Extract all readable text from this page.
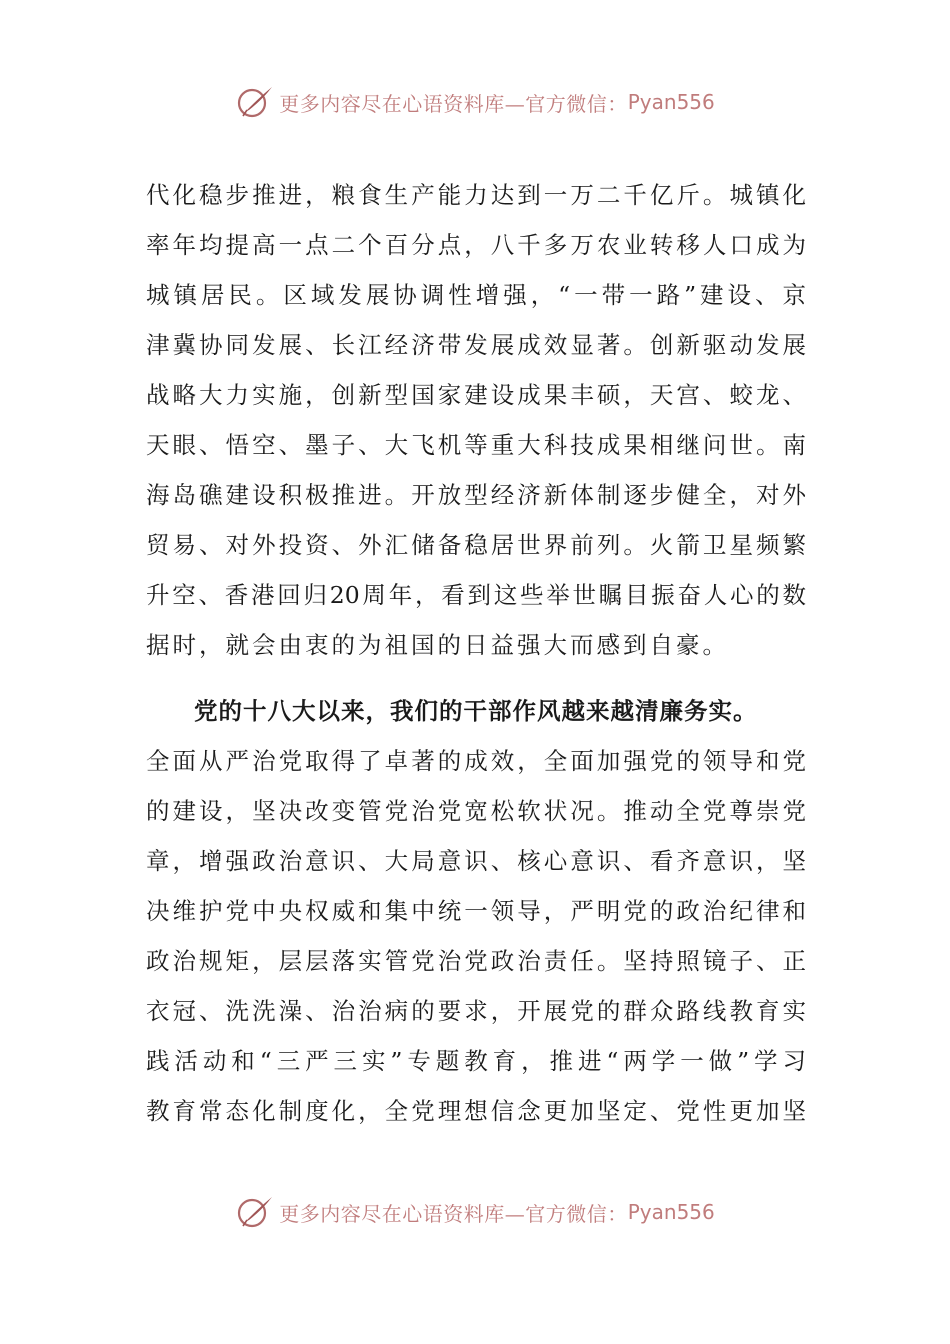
更多内容尽在心语资料库—官方微信： Pyan556
代化稳步推进，粮食生产能力达到一万二千亿斤。城镇化
率年均提高一点二个百分点，八千多万农业转移人口成为
城镇居民。区域发展协调性增强，“一带一路”建设、京
津冀协同发展、长江经济带发展成效显著。创新驱动发展
战略大力实施，创新型国家建设成果丰硕，天宫、蛟龙、
天眼、悟空、墨子、大飞机等重大科技成果相继问世。南
海岛礁建设积极推进。开放型经济新体制逐步健全，对外
贸易、对外投资、外汇储备稳居世界前列。火箭卫星频繁
升空、香港回归20周年，看到这些举世瞩目振奋人心的数
据时，就会由衷的为祖国的日益强大而感到自豪。
党的十八大以来，我们的干部作风越来越清廉务实。
全面从严治党取得了卓著的成效，全面加强党的领导和党
的建设，坚决改变管党治党宽松软状况。推动全党尊崇党
章，增强政治意识、大局意识、核心意识、看齐意识，坚
决维护党中央权威和集中统一领导，严明党的政治纪律和
政治规矩，层层落实管党治党政治责任。坚持照镜子、正
衣冠、洗洗澡、治治病的要求，开展党的群众路线教育实
践活动和“三严三实”专题教育，推进“两学一做”学习
教育常态化制度化，全党理想信念更加坚定、党性更加坚
更多内容尽在心语资料库—官方微信： Pyan556
